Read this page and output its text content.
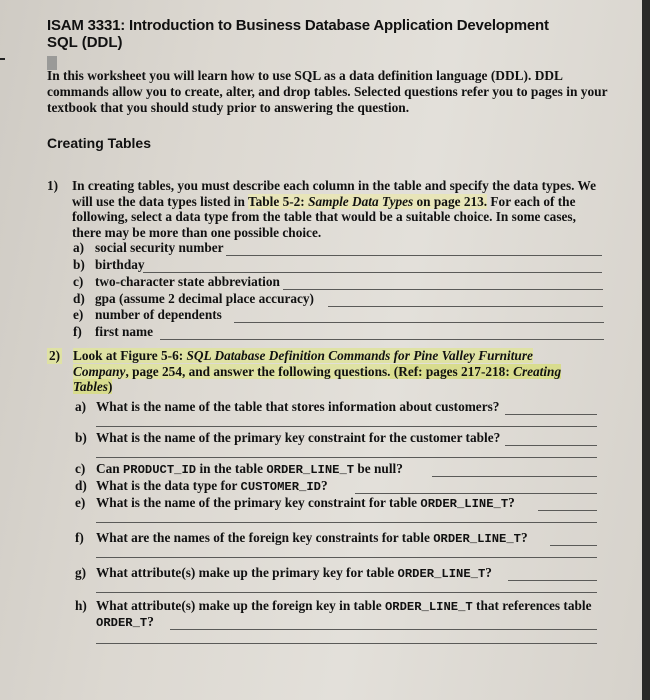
ISAM 3331: Introduction to Business Database Application Development
SQL (DDL)
In this worksheet you will learn how to use SQL as a data definition language (DDL). DDL commands allow you to create, alter, and drop tables. Selected questions refer you to pages in your textbook that you should study prior to answering the question.
Creating Tables
1) In creating tables, you must describe each column in the table and specify the data types. We
will use the data types listed in Table 5-2: Sample Data Types on page 213. For each of the
following, select a data type from the table that would be a suitable choice. In some cases,
there may be more than one possible choice.
a) social security number
b) birthday
c) two-character state abbreviation
d) gpa (assume 2 decimal place accuracy)
e) number of dependents
f) first name
2) Look at Figure 5-6: SQL Database Definition Commands for Pine Valley Furniture
Company, page 254, and answer the following questions. (Ref: pages 217-218: Creating
Tables)
a) What is the name of the table that stores information about customers?
b) What is the name of the primary key constraint for the customer table?
c) Can PRODUCT_ID in the table ORDER_LINE_T be null?
d) What is the data type for CUSTOMER_ID?
e) What is the name of the primary key constraint for table ORDER_LINE_T?
f) What are the names of the foreign key constraints for table ORDER_LINE_T?
g) What attribute(s) make up the primary key for table ORDER_LINE_T?
h) What attribute(s) make up the foreign key in table ORDER_LINE_T that references table
ORDER_T?
